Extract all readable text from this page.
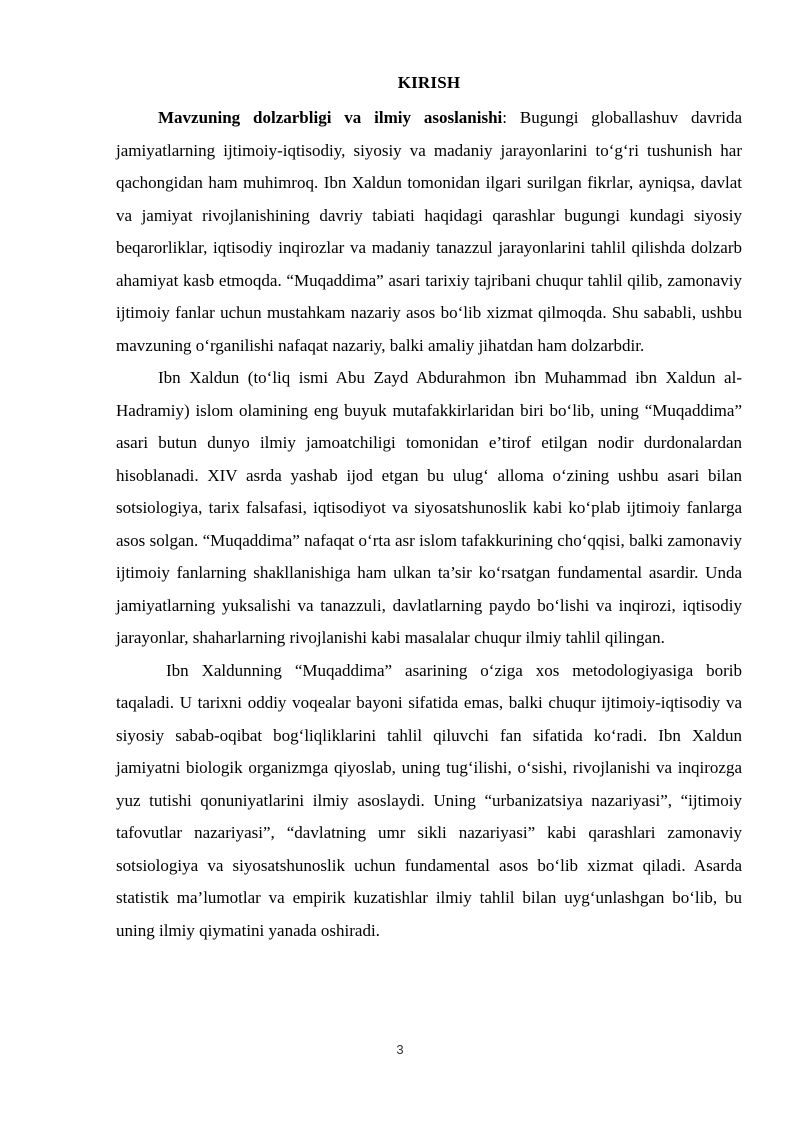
KIRISH

Mavzuning dolzarbligi va ilmiy asoslanishi: Bugungi globallashuv davrida jamiyatlarning ijtimoiy-iqtisodiy, siyosiy va madaniy jarayonlarini to‘g‘ri tushunish har qachongidan ham muhimroq. Ibn Xaldun tomonidan ilgari surilgan fikrlar, ayniqsa, davlat va jamiyat rivojlanishining davriy tabiati haqidagi qarashlar bugungi kundagi siyosiy beqarorliklar, iqtisodiy inqirozlar va madaniy tanazzul jarayonlarini tahlil qilishda dolzarb ahamiyat kasb etmoqda. “Muqaddima” asari tarixiy tajribani chuqur tahlil qilib, zamonaviy ijtimoiy fanlar uchun mustahkam nazariy asos bo‘lib xizmat qilmoqda. Shu sababli, ushbu mavzuning o‘rganilishi nafaqat nazariy, balki amaliy jihatdan ham dolzarbdir.

Ibn Xaldun (to‘liq ismi Abu Zayd Abdurahmon ibn Muhammad ibn Xaldun al-Hadramiy) islom olamining eng buyuk mutafakkirlaridan biri bo‘lib, uning “Muqaddima” asari butun dunyo ilmiy jamoatchiligi tomonidan e’tirof etilgan nodir durdonalardan hisoblanadi. XIV asrda yashab ijod etgan bu ulug‘ alloma o‘zining ushbu asari bilan sotsiologiya, tarix falsafasi, iqtisodiyot va siyosatshunoslik kabi ko‘plab ijtimoiy fanlarga asos solgan. “Muqaddima” nafaqat o‘rta asr islom tafakkurining cho‘qqisi, balki zamonaviy ijtimoiy fanlarning shakllanishiga ham ulkan ta’sir ko‘rsatgan fundamental asardir. Unda jamiyatlarning yuksalishi va tanazzuli, davlatlarning paydo bo‘lishi va inqirozi, iqtisodiy jarayonlar, shaharlarning rivojlanishi kabi masalalar chuqur ilmiy tahlil qilingan.

Ibn Xaldunning “Muqaddima” asarining o‘ziga xos metodologiyasiga borib taqaladi. U tarixni oddiy voqealar bayoni sifatida emas, balki chuqur ijtimoiy-iqtisodiy va siyosiy sabab-oqibat bog‘liqliklarini tahlil qiluvchi fan sifatida ko‘radi. Ibn Xaldun jamiyatni biologik organizmga qiyoslab, uning tug‘ilishi, o‘sishi, rivojlanishi va inqirozga yuz tutishi qonuniyatlarini ilmiy asoslaydi. Uning “urbanizatsiya nazariyasi”, “ijtimoiy tafovutlar nazariyasi”, “davlatning umr sikli nazariyasi” kabi qarashlari zamonaviy sotsiologiya va siyosatshunoslik uchun fundamental asos bo‘lib xizmat qiladi. Asarda statistik ma’lumotlar va empirik kuzatishlar ilmiy tahlil bilan uyg‘unlashgan bo‘lib, bu uning ilmiy qiymatini yanada oshiradi.

3
